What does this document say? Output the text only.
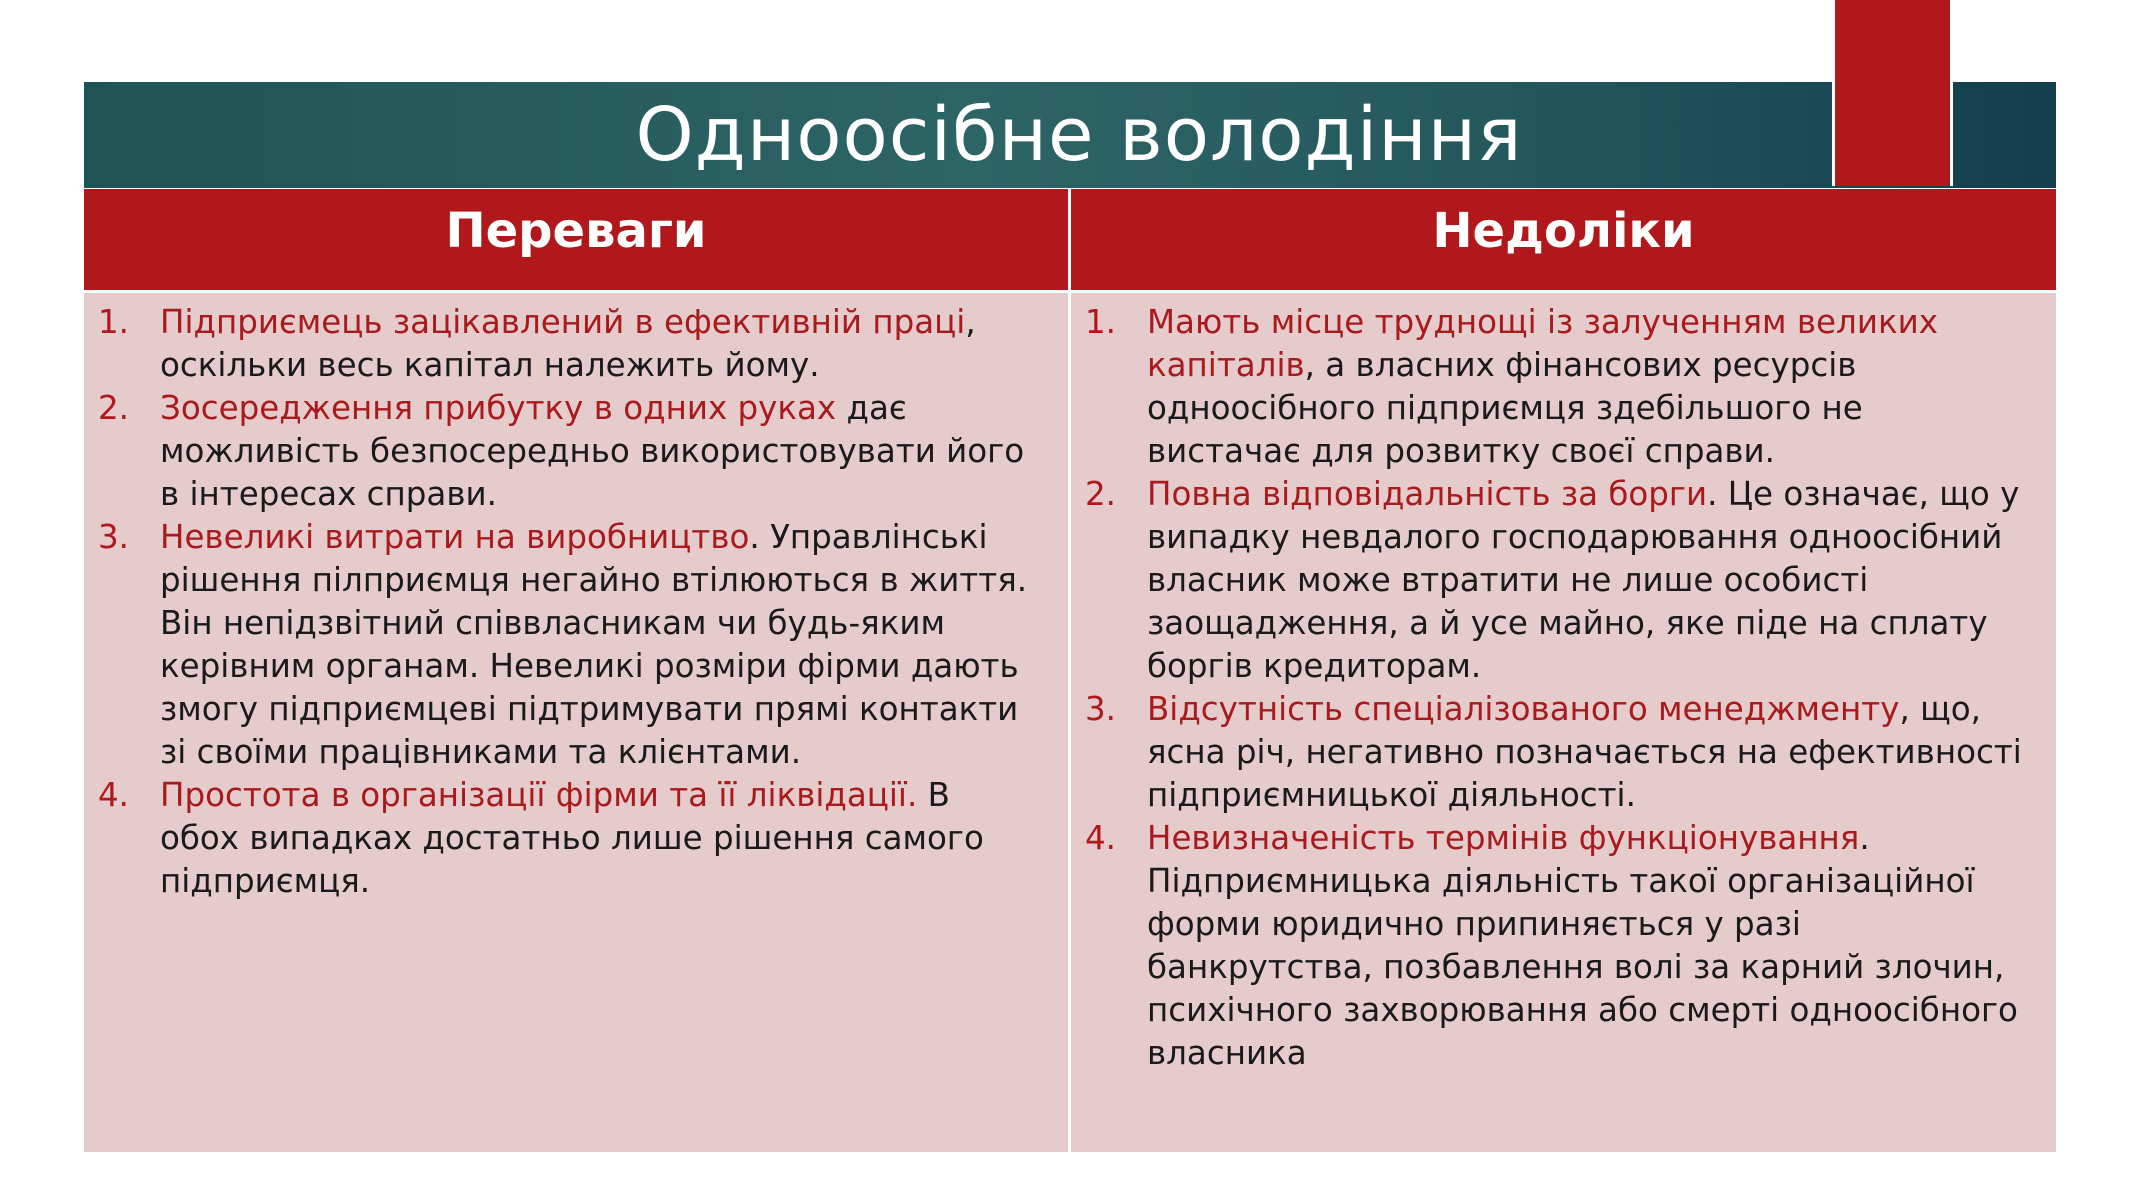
Одноосібне володіння
Переваги
1. Підприємець зацікавлений в ефективній праці, оскільки весь капітал належить йому.
2. Зосередження прибутку в одних руках дає можливість безпосередньо використовувати його в інтересах справи.
3. Невеликі витрати на виробництво. Управлінські рішення пілприємця негайно втілюються в життя. Він непідзвітний співвласникам чи будь-яким керівним органам. Невеликі розміри фірми дають змогу підприємцеві підтримувати прямі контакти зі своїми працівниками та клієнтами.
4. Простота в організації фірми та її ліквідації. В обох випадках достатньо лише рішення самого підприємця.
Недоліки
1. Мають місце труднощі із залученням великих капіталів, а власних фінансових ресурсів одноосібного підприємця здебільшого не вистачає для розвитку своєї справи.
2. Повна відповідальність за борги. Це означає, що у випадку невдалого господарювання одноосібний власник може втратити не лише особисті заощадження, а й усе майно, яке піде на сплату боргів кредиторам.
3. Відсутність спеціалізованого менеджменту, що, ясна річ, негативно позначається на ефективності підприємницької діяльності.
4. Невизначеність термінів функціонування. Підприємницька діяльність такої організаційної форми юридично припиняється у разі банкрутства, позбавлення волі за карний злочин, психічного захворювання або смерті одноосібного власника
